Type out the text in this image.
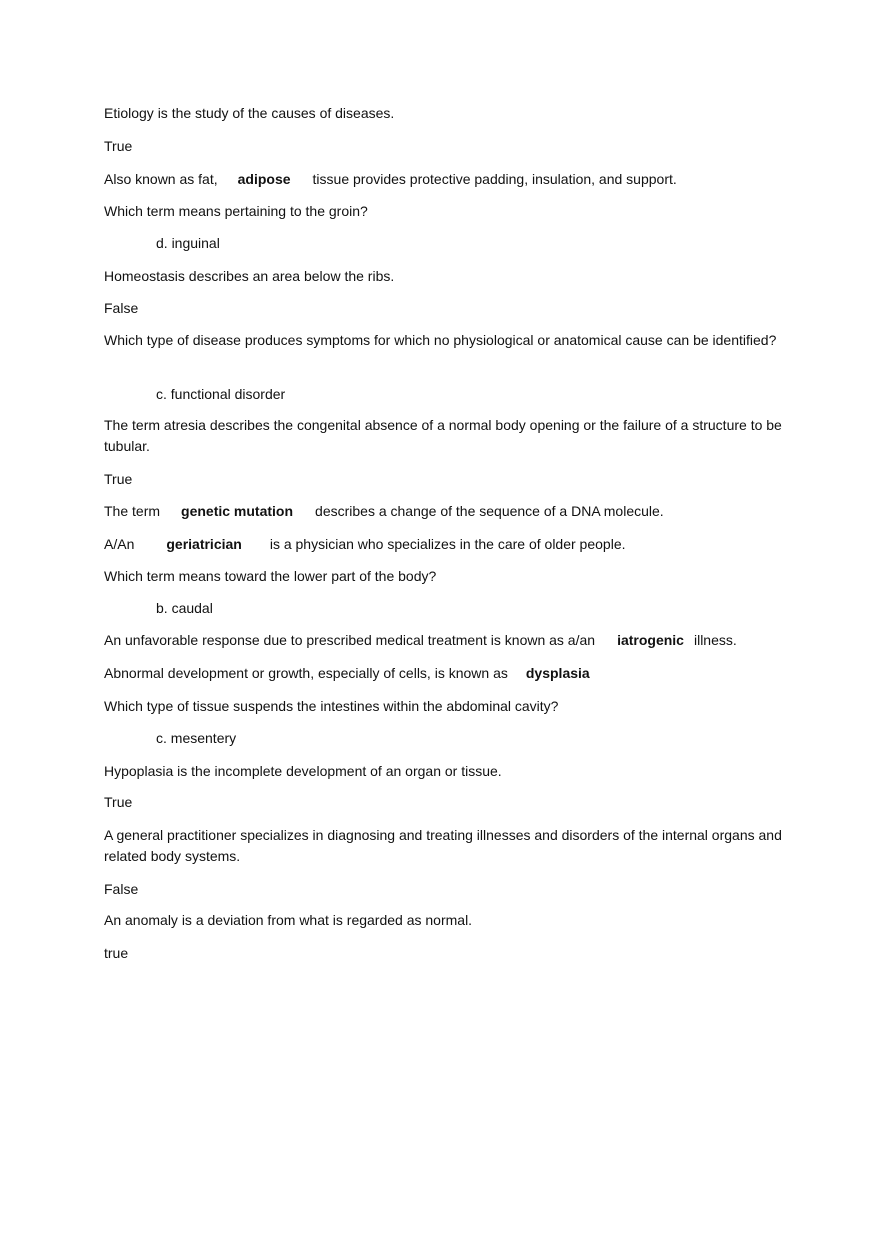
Etiology is the study of the causes of diseases.
True
Also known as fat, adipose tissue provides protective padding, insulation, and support.
Which term means pertaining to the groin?
d. inguinal
Homeostasis describes an area below the ribs.
False
Which type of disease produces symptoms for which no physiological or anatomical cause can be identified?
c. functional disorder
The term atresia describes the congenital absence of a normal body opening or the failure of a structure to be tubular.
True
The term genetic mutation describes a change of the sequence of a DNA molecule.
A/An geriatrician is a physician who specializes in the care of older people.
Which term means toward the lower part of the body?
b. caudal
An unfavorable response due to prescribed medical treatment is known as a/an iatrogenic illness.
Abnormal development or growth, especially of cells, is known as dysplasia
Which type of tissue suspends the intestines within the abdominal cavity?
c. mesentery
Hypoplasia is the incomplete development of an organ or tissue.
True
A general practitioner specializes in diagnosing and treating illnesses and disorders of the internal organs and related body systems.
False
An anomaly is a deviation from what is regarded as normal.
true
